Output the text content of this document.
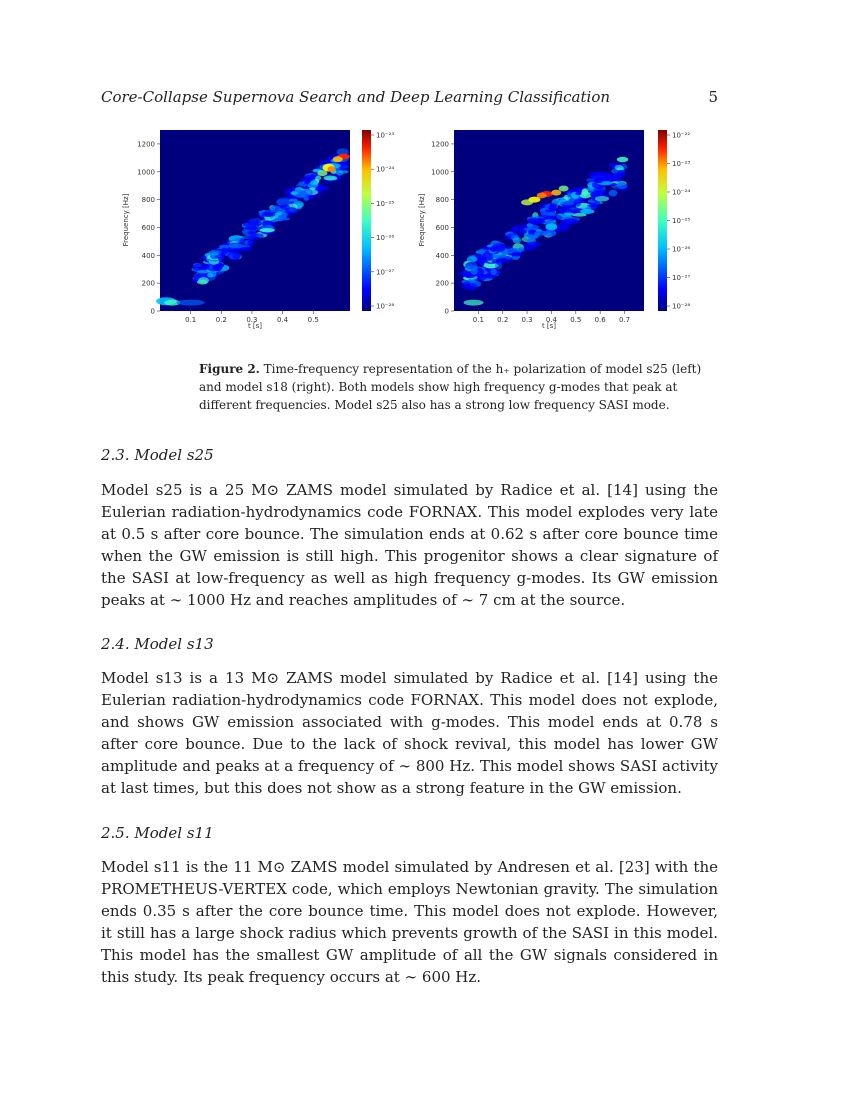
Core-Collapse Supernova Search and Deep Learning Classification	5
0
200
400
600
800
1000
1200
0.1	0.2	0.3	0.4	0.5
Frequency [Hz]
t [s]
10⁻²⁸
10⁻²⁷
10⁻²⁶
10⁻²⁵
10⁻²⁴
10⁻²³
0
200
400
600
800
1000
1200
0.1 0.2 0.3 0.4 0.5 0.6 0.7
Frequency [Hz]
t [s]
10⁻²⁸
10⁻²⁷
10⁻²⁶
10⁻²⁵
10⁻²⁴
10⁻²³
10⁻²²
Figure 2. Time-frequency representation of the h₊ polarization of model s25 (left) and model s18 (right). Both models show high frequency g-modes that peak at different frequencies. Model s25 also has a strong low frequency SASI mode.
2.3. Model s25
Model s25 is a 25 M⊙ ZAMS model simulated by Radice et al. [14] using the Eulerian radiation-hydrodynamics code FORNAX. This model explodes very late at 0.5 s after core bounce. The simulation ends at 0.62 s after core bounce time when the GW emission is still high. This progenitor shows a clear signature of the SASI at low-frequency as well as high frequency g-modes. Its GW emission peaks at ∼ 1000 Hz and reaches amplitudes of ∼ 7 cm at the source.
2.4. Model s13
Model s13 is a 13 M⊙ ZAMS model simulated by Radice et al. [14] using the Eulerian radiation-hydrodynamics code FORNAX. This model does not explode, and shows GW emission associated with g-modes. This model ends at 0.78 s after core bounce. Due to the lack of shock revival, this model has lower GW amplitude and peaks at a frequency of ∼ 800 Hz. This model shows SASI activity at last times, but this does not show as a strong feature in the GW emission.
2.5. Model s11
Model s11 is the 11 M⊙ ZAMS model simulated by Andresen et al. [23] with the PROMETHEUS-VERTEX code, which employs Newtonian gravity. The simulation ends 0.35 s after the core bounce time. This model does not explode. However, it still has a large shock radius which prevents growth of the SASI in this model. This model has the smallest GW amplitude of all the GW signals considered in this study. Its peak frequency occurs at ∼ 600 Hz.
